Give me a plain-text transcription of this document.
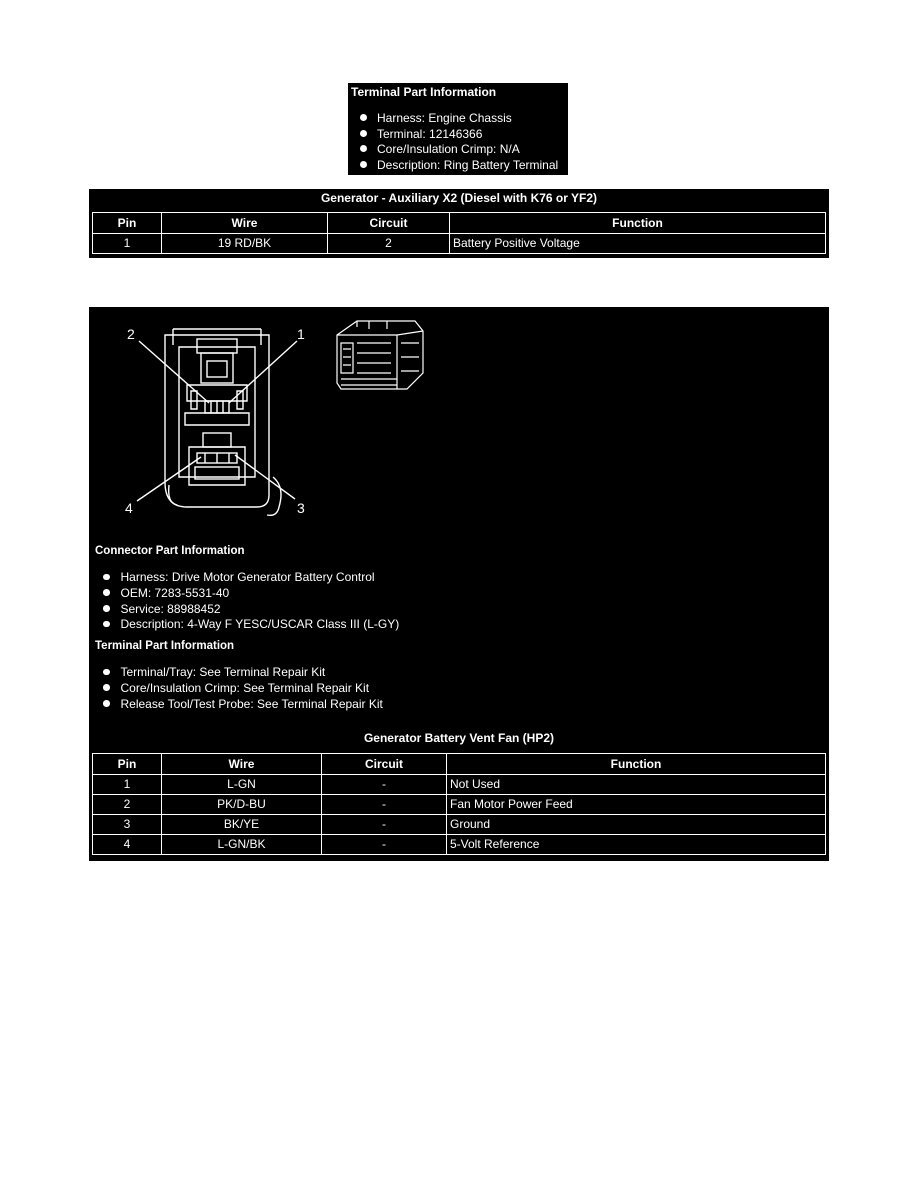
Terminal Part Information
Harness: Engine Chassis
Terminal: 12146366
Core/Insulation Crimp: N/A
Description: Ring Battery Terminal
Generator - Auxiliary X2 (Diesel with K76 or YF2)
Pin	Wire	Circuit	Function
1	19 RD/BK	2	Battery Positive Voltage
2	1
4	3
Connector Part Information
Harness: Drive Motor Generator Battery Control
OEM: 7283-5531-40
Service: 88988452
Description: 4-Way F YESC/USCAR Class III (L-GY)
Terminal Part Information
Terminal/Tray: See Terminal Repair Kit
Core/Insulation Crimp: See Terminal Repair Kit
Release Tool/Test Probe: See Terminal Repair Kit
Generator Battery Vent Fan (HP2)
Pin	Wire	Circuit	Function
1	L-GN	-	Not Used
2	PK/D-BU	-	Fan Motor Power Feed
3	BK/YE	-	Ground
4	L-GN/BK	-	5-Volt Reference
